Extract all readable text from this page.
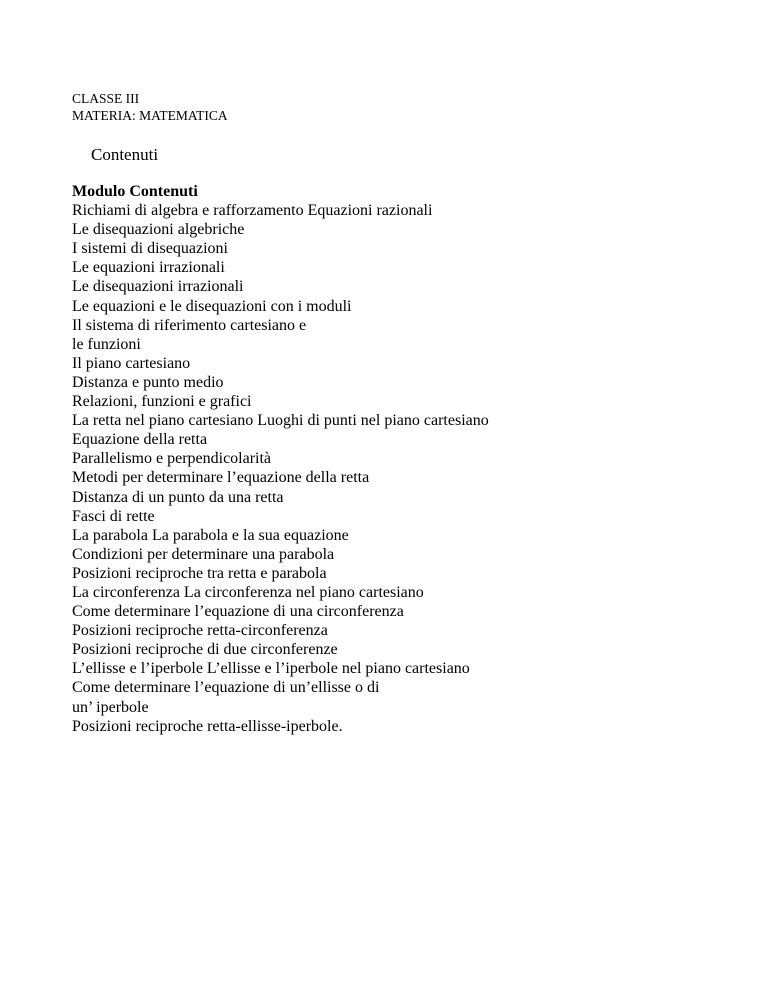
CLASSE III
MATERIA: MATEMATICA
Contenuti
Modulo Contenuti
Richiami di algebra e rafforzamento Equazioni razionali
Le disequazioni algebriche
I sistemi di disequazioni
Le equazioni irrazionali
Le disequazioni irrazionali
Le equazioni e le disequazioni con i moduli
Il sistema di riferimento cartesiano e
le funzioni
Il piano cartesiano
Distanza e punto medio
Relazioni, funzioni e grafici
La retta nel piano cartesiano Luoghi di punti nel piano cartesiano
Equazione della retta
Parallelismo e perpendicolarità
Metodi per determinare l’equazione della retta
Distanza di un punto da una retta
Fasci di rette
La parabola La parabola e la sua equazione
Condizioni per determinare una parabola
Posizioni reciproche tra retta e parabola
La circonferenza La circonferenza nel piano cartesiano
Come determinare l’equazione di una circonferenza
Posizioni reciproche retta-circonferenza
Posizioni reciproche di due circonferenze
L’ellisse e l’iperbole L’ellisse e l’iperbole nel piano cartesiano
Come determinare l’equazione di un’ellisse o di
un’ iperbole
Posizioni reciproche retta-ellisse-iperbole.
